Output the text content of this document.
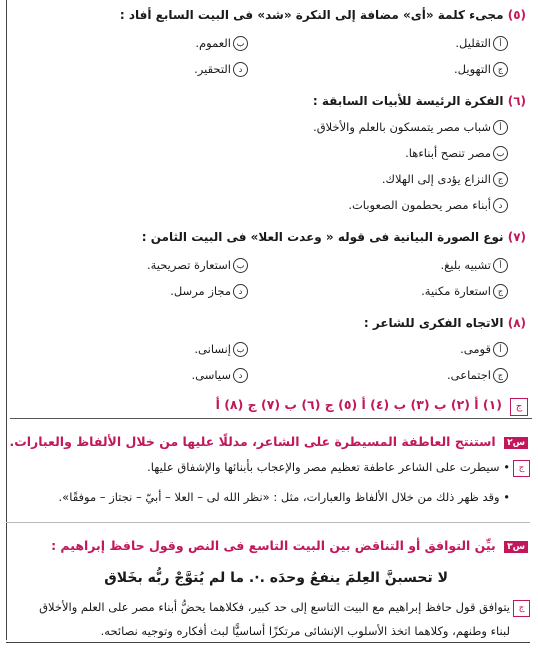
(٥) مجىء كلمة «أى» مضافة إلى النكرة «شد» فى البيت السابع أفاد :
أالتقليل.
بالعموم.
جالتهويل.
دالتحقير.
(٦) الفكرة الرئيسة للأبيات السابقة :
أشباب مصر يتمسكون بالعلم والأخلاق.
بمصر تنصح أبناءها.
جالنزاع يؤدى إلى الهلاك.
دأبناء مصر يحطمون الصعوبات.
(٧) نوع الصورة البيانية فى قوله « وعدت العلا» فى البيت الثامن :
أتشبيه بليغ.
باستعارة تصريحية.
جاستعارة مكنية.
دمجاز مرسل.
(٨) الاتجاه الفكرى للشاعر :
أقومى.
بإنسانى.
جاجتماعى.
دسياسى.
ج
(١) أ (٢) ب (٣) ب (٤) أ (٥) ج (٦) ب (٧) ج (٨) أ
س٢ استنتج العاطفة المسيطرة على الشاعر، مدللًا عليها من خلال الألفاظ والعبارات.
ج
• سيطرت على الشاعر عاطفة تعظيم مصر والإعجاب بأبنائها والإشفاق عليها.
• وقد ظهر ذلك من خلال الألفاظ والعبارات، مثل : «نظر الله لى – العلا – أبيّ – نجتاز – موفقًا».
س٣ بيِّن التوافق أو التناقض بين البيت التاسع فى النص وقول حافظ إبراهيم :
لا تحسبنَّ العِلمَ ينفعُ وحدَه .·. ما لم يُتوَّجْ ربُّه بخَلاق
ج
يتوافق قول حافظ إبراهيم مع البيت التاسع إلى حد كبير، فكلاهما يحضُّ أبناء مصر على العلم والأخلاق
لبناء وطنهم، وكلاهما اتخذ الأسلوب الإنشائى مرتكزًا أساسيًّا لبث أفكاره وتوجيه نصائحه.
